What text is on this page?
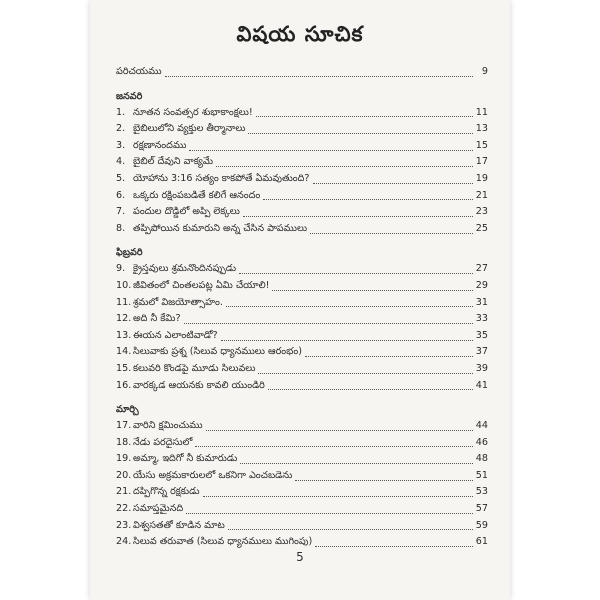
విషయ సూచిక
పరిచయము	9
జనవరి
1. నూతన సంవత్సర శుభాకాంక్షలు!	11
2. బైబిలులోని వ్యక్తుల తీర్మానాలు	13
3. రక్షణానందము	15
4. బైబిల్ దేవుని వాక్యమే	17
5. యోహాను 3:16 సత్యం కాకపోతే ఏమవుతుంది?	19
6. ఒక్కరు రక్షింపబడితే కలిగే ఆనందం	21
7. పందుల దొడ్డిలో అప్పి లెక్కలు	23
8. తప్పిపోయిన కుమారుని అన్న చేసిన పాపములు	25
ఫిబ్రవరి
9. క్రైస్తవులు శ్రమనొందినప్పుడు	27
10. జీవితంలో చింతలపట్ల ఏమి చేయాలి!	29
11. శ్రమలో విజయోత్సాహం.	31
12. అది నీ కేమి?	33
13. ఈయన ఎలాంటివాడో?	35
14. సిలువాకు ప్రశ్న (సిలువ ధ్యానములు ఆరంభం)	37
15. కలువరి కొండపై మూడు సిలువలు	39
16. వారక్కడ ఆయనకు కావలి యుండిరి	41
మార్చి
17. వారిని క్షమించుము	44
18. నేడు పరదైసులో	46
19. అమ్మా, ఇదిగో నీ కుమారుడు	48
20. యేసు అక్రమకారులలో ఒకనిగా ఎంచబడెను	51
21. దప్పిగొన్న రక్షకుడు	53
22. సమాప్తమైనది	57
23. విశ్వసతతో కూడిన మాట	59
24. సిలువ తరువాత (సిలువ ధ్యానములు ముగింపు)	61
5
